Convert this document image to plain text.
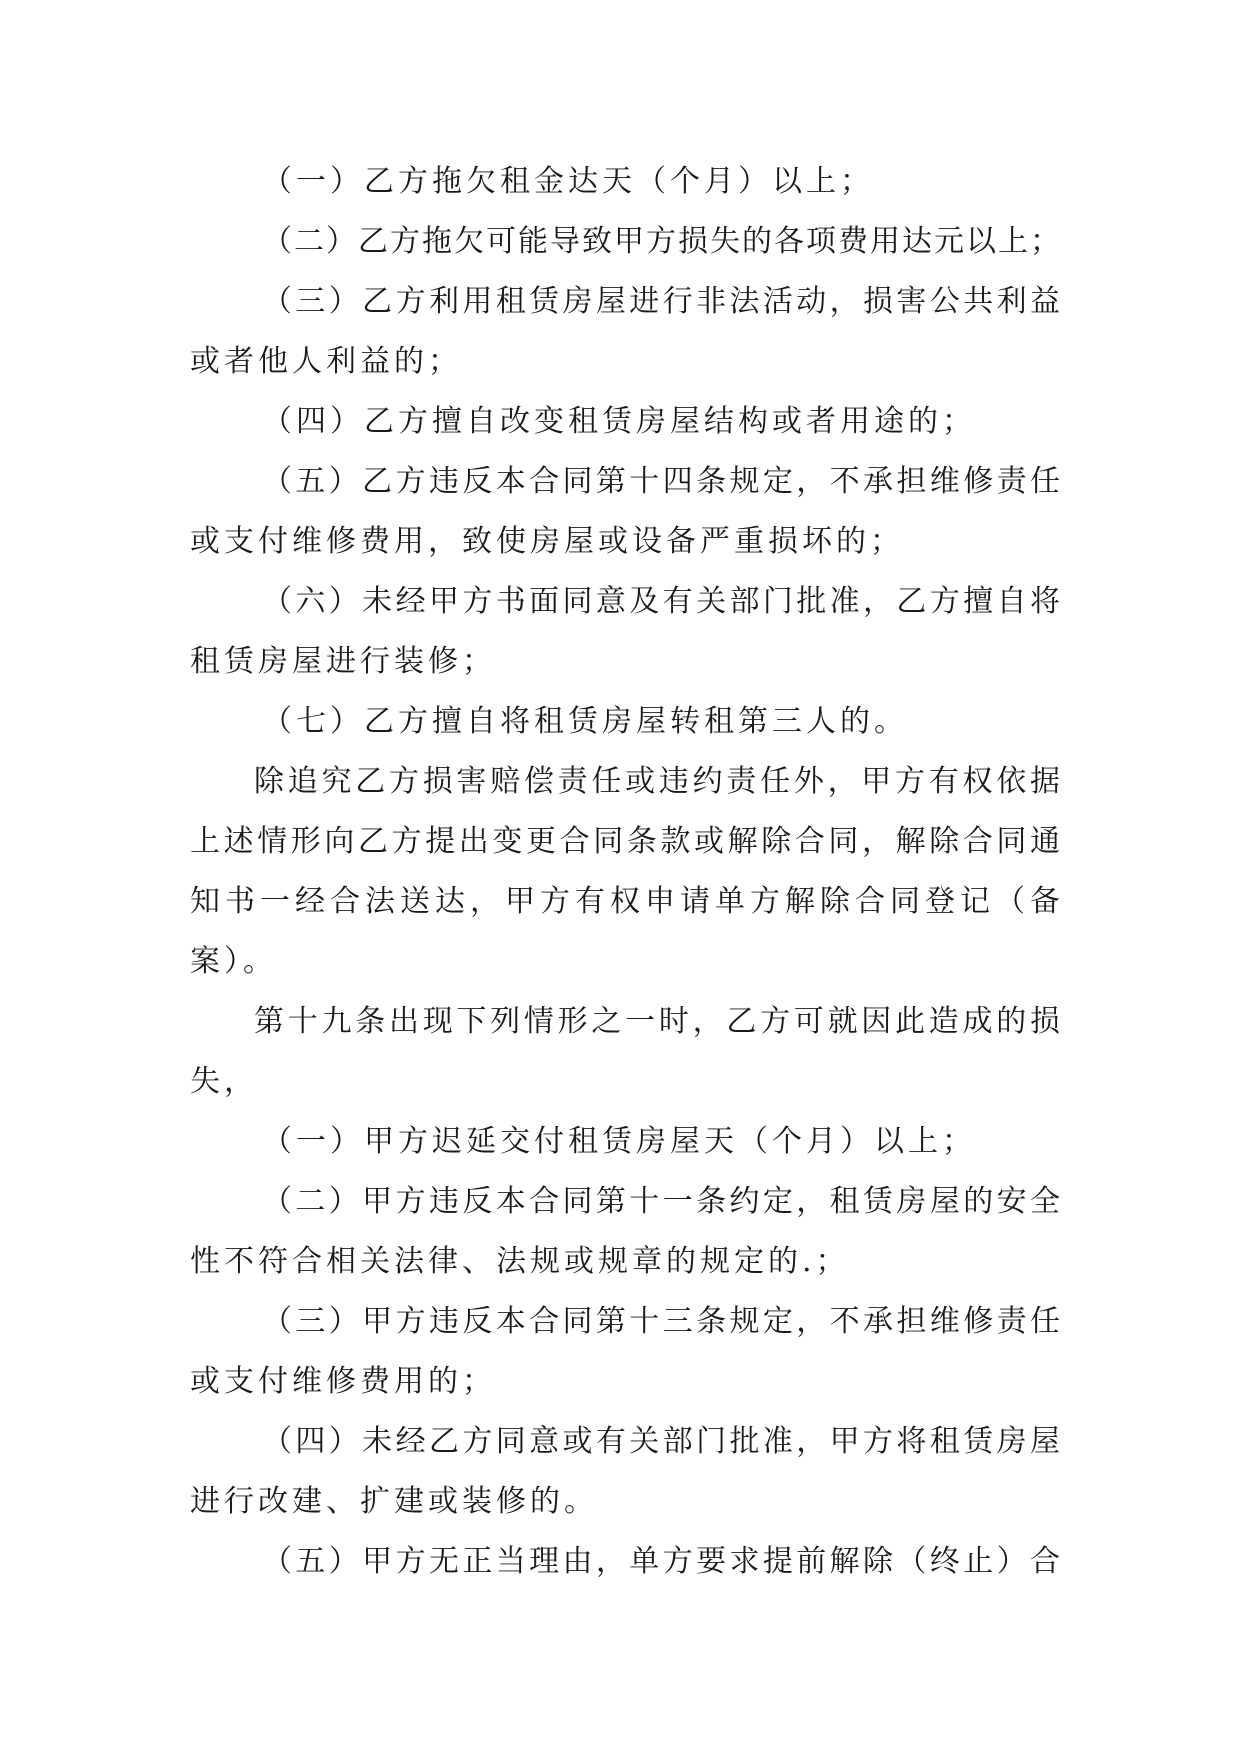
（一）乙方拖欠租金达天（个月）以上；
（二）乙方拖欠可能导致甲方损失的各项费用达元以上；
（三）乙方利用租赁房屋进行非法活动，损害公共利益
或者他人利益的；
（四）乙方擅自改变租赁房屋结构或者用途的；
（五）乙方违反本合同第十四条规定，不承担维修责任
或支付维修费用，致使房屋或设备严重损坏的；
（六）未经甲方书面同意及有关部门批准，乙方擅自将
租赁房屋进行装修；
（七）乙方擅自将租赁房屋转租第三人的。
除追究乙方损害赔偿责任或违约责任外，甲方有权依据
上述情形向乙方提出变更合同条款或解除合同，解除合同通
知书一经合法送达，甲方有权申请单方解除合同登记（备
案）。
第十九条出现下列情形之一时，乙方可就因此造成的损
失，
（一）甲方迟延交付租赁房屋天（个月）以上；
（二）甲方违反本合同第十一条约定，租赁房屋的安全
性不符合相关法律、法规或规章的规定的.；
（三）甲方违反本合同第十三条规定，不承担维修责任
或支付维修费用的；
（四）未经乙方同意或有关部门批准，甲方将租赁房屋
进行改建、扩建或装修的。
（五）甲方无正当理由，单方要求提前解除（终止）合
